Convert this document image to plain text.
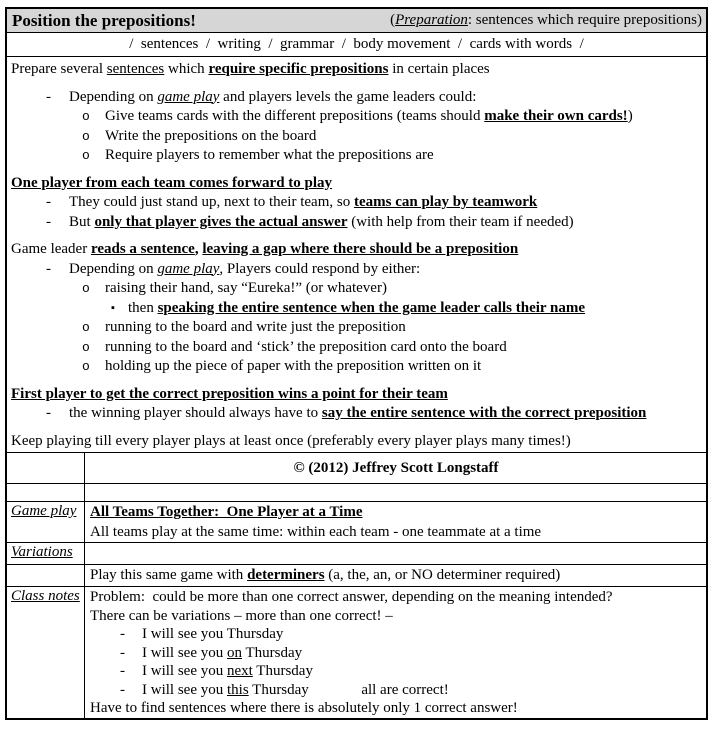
Position the prepositions!	(Preparation: sentences which require prepositions)
/  sentences  /  writing  /  grammar  /  body movement  /  cards with words  /
Prepare several sentences which require specific prepositions in certain places
- Depending on game play and players levels the game leaders could:
o Give teams cards with the different prepositions (teams should make their own cards!)
o Write the prepositions on the board
o Require players to remember what the prepositions are
One player from each team comes forward to play
- They could just stand up, next to their team, so teams can play by teamwork
- But only that player gives the actual answer (with help from their team if needed)
Game leader reads a sentence, leaving a gap where there should be a preposition
- Depending on game play, Players could respond by either:
o raising their hand, say “Eureka!” (or whatever)
▪ then speaking the entire sentence when the game leader calls their name
o running to the board and write just the preposition
o running to the board and ‘stick’ the preposition card onto the board
o holding up the piece of paper with the preposition written on it
First player to get the correct preposition wins a point for their team
- the winning player should always have to say the entire sentence with the correct preposition
Keep playing till every player plays at least once (preferably every player plays many times!)
© (2012) Jeffrey Scott Longstaff
Game play All Teams Together:  One Player at a Time
All teams play at the same time: within each team - one teammate at a time
Variations
Play this same game with determiners (a, the, an, or NO determiner required)
Class notes Problem:  could be more than one correct answer, depending on the meaning intended?
There can be variations – more than one correct! –
- I will see you Thursday
- I will see you on Thursday
- I will see you next Thursday
- I will see you this Thursday              all are correct!
Have to find sentences where there is absolutely only 1 correct answer!
